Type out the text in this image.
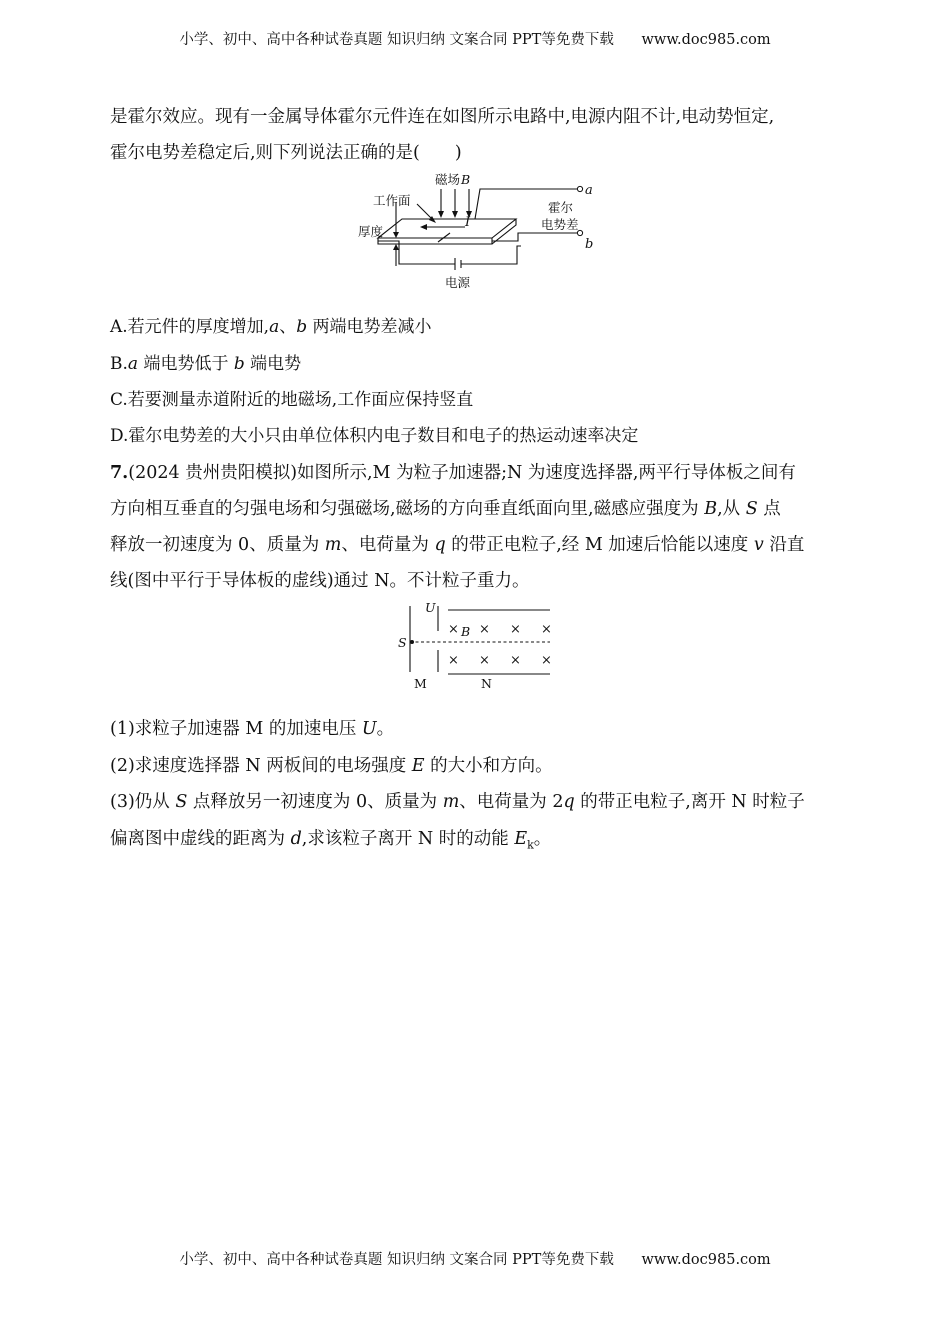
小学、初中、高中各种试卷真题 知识归纳 文案合同 PPT等免费下载 www.doc985.com
是霍尔效应。现有一金属导体霍尔元件连在如图所示电路中,电源内阻不计,电动势恒定,
霍尔电势差稳定后,则下列说法正确的是(　　)
磁场 B
工作面
I
厚度
a
b
霍尔
电势差
电源
A.若元件的厚度增加,a、b 两端电势差减小
B.a 端电势低于 b 端电势
C.若要测量赤道附近的地磁场,工作面应保持竖直
D.霍尔电势差的大小只由单位体积内电子数目和电子的热运动速率决定
7.(2024 贵州贵阳模拟)如图所示,M 为粒子加速器;N 为速度选择器,两平行导体板之间有
方向相互垂直的匀强电场和匀强磁场,磁场的方向垂直纸面向里,磁感应强度为 B,从 S 点
释放一初速度为 0、质量为 m、电荷量为 q 的带正电粒子,经 M 加速后恰能以速度 v 沿直
线(图中平行于导体板的虚线)通过 N。不计粒子重力。
U
S
M	N
B
× × × ×
× × × ×
(1)求粒子加速器 M 的加速电压 U。
(2)求速度选择器 N 两板间的电场强度 E 的大小和方向。
(3)仍从 S 点释放另一初速度为 0、质量为 m、电荷量为 2q 的带正电粒子,离开 N 时粒子
偏离图中虚线的距离为 d,求该粒子离开 N 时的动能 $E_k$。
小学、初中、高中各种试卷真题 知识归纳 文案合同 PPT等免费下载 www.doc985.com
